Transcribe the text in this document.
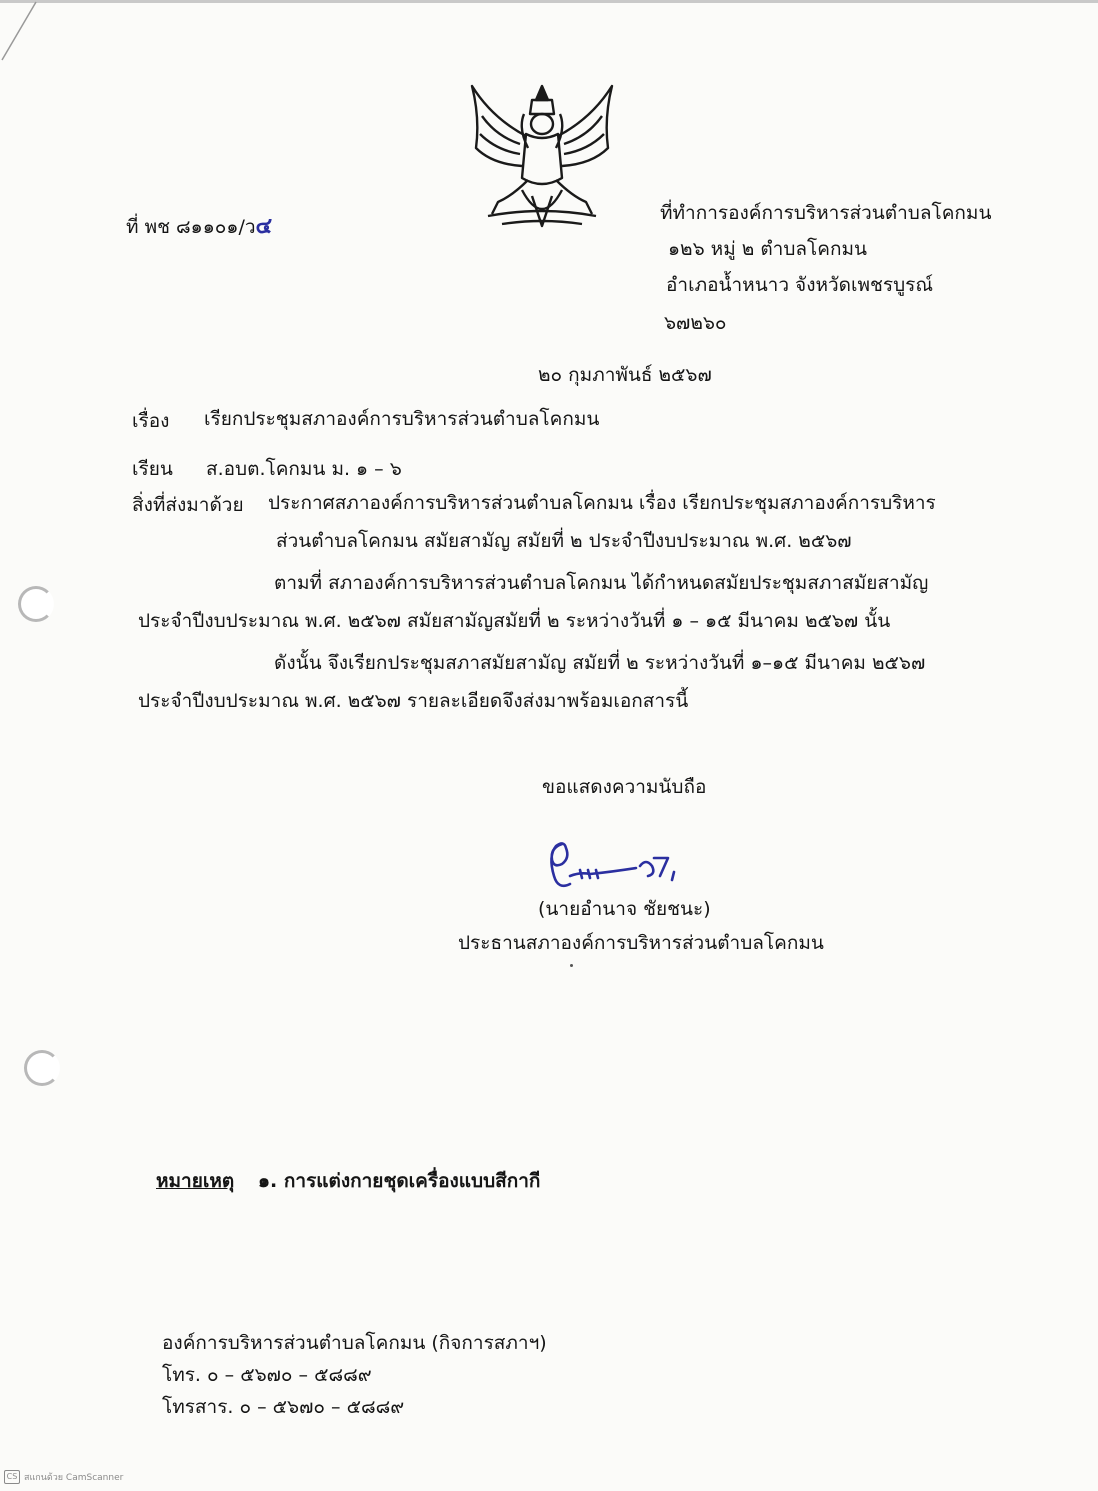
ที่ พช ๘๑๑๐๑/ว๔
ที่ทำการองค์การบริหารส่วนตำบลโคกมน
๑๒๖ หมู่ ๒ ตำบลโคกมน
อำเภอน้ำหนาว จังหวัดเพชรบูรณ์
๖๗๒๖๐
๒๐ กุมภาพันธ์ ๒๕๖๗
เรื่อง เรียกประชุมสภาองค์การบริหารส่วนตำบลโคกมน
เรียน ส.อบต.โคกมน ม. ๑ – ๖
สิ่งที่ส่งมาด้วย ประกาศสภาองค์การบริหารส่วนตำบลโคกมน เรื่อง เรียกประชุมสภาองค์การบริหาร
ส่วนตำบลโคกมน สมัยสามัญ สมัยที่ ๒ ประจำปีงบประมาณ พ.ศ. ๒๕๖๗
ตามที่ สภาองค์การบริหารส่วนตำบลโคกมน ได้กำหนดสมัยประชุมสภาสมัยสามัญ
ประจำปีงบประมาณ พ.ศ. ๒๕๖๗ สมัยสามัญสมัยที่ ๒ ระหว่างวันที่ ๑ – ๑๕ มีนาคม ๒๕๖๗ นั้น
ดังนั้น จึงเรียกประชุมสภาสมัยสามัญ สมัยที่ ๒ ระหว่างวันที่ ๑–๑๕ มีนาคม ๒๕๖๗
ประจำปีงบประมาณ พ.ศ. ๒๕๖๗ รายละเอียดจึงส่งมาพร้อมเอกสารนี้
ขอแสดงความนับถือ
(นายอำนาจ ชัยชนะ)
ประธานสภาองค์การบริหารส่วนตำบลโคกมน
หมายเหตุ ๑. การแต่งกายชุดเครื่องแบบสีกากี
องค์การบริหารส่วนตำบลโคกมน (กิจการสภาฯ)
โทร. ๐ – ๕๖๗๐ – ๕๘๘๙
โทรสาร. ๐ – ๕๖๗๐ – ๕๘๘๙
CS สแกนด้วย CamScanner
